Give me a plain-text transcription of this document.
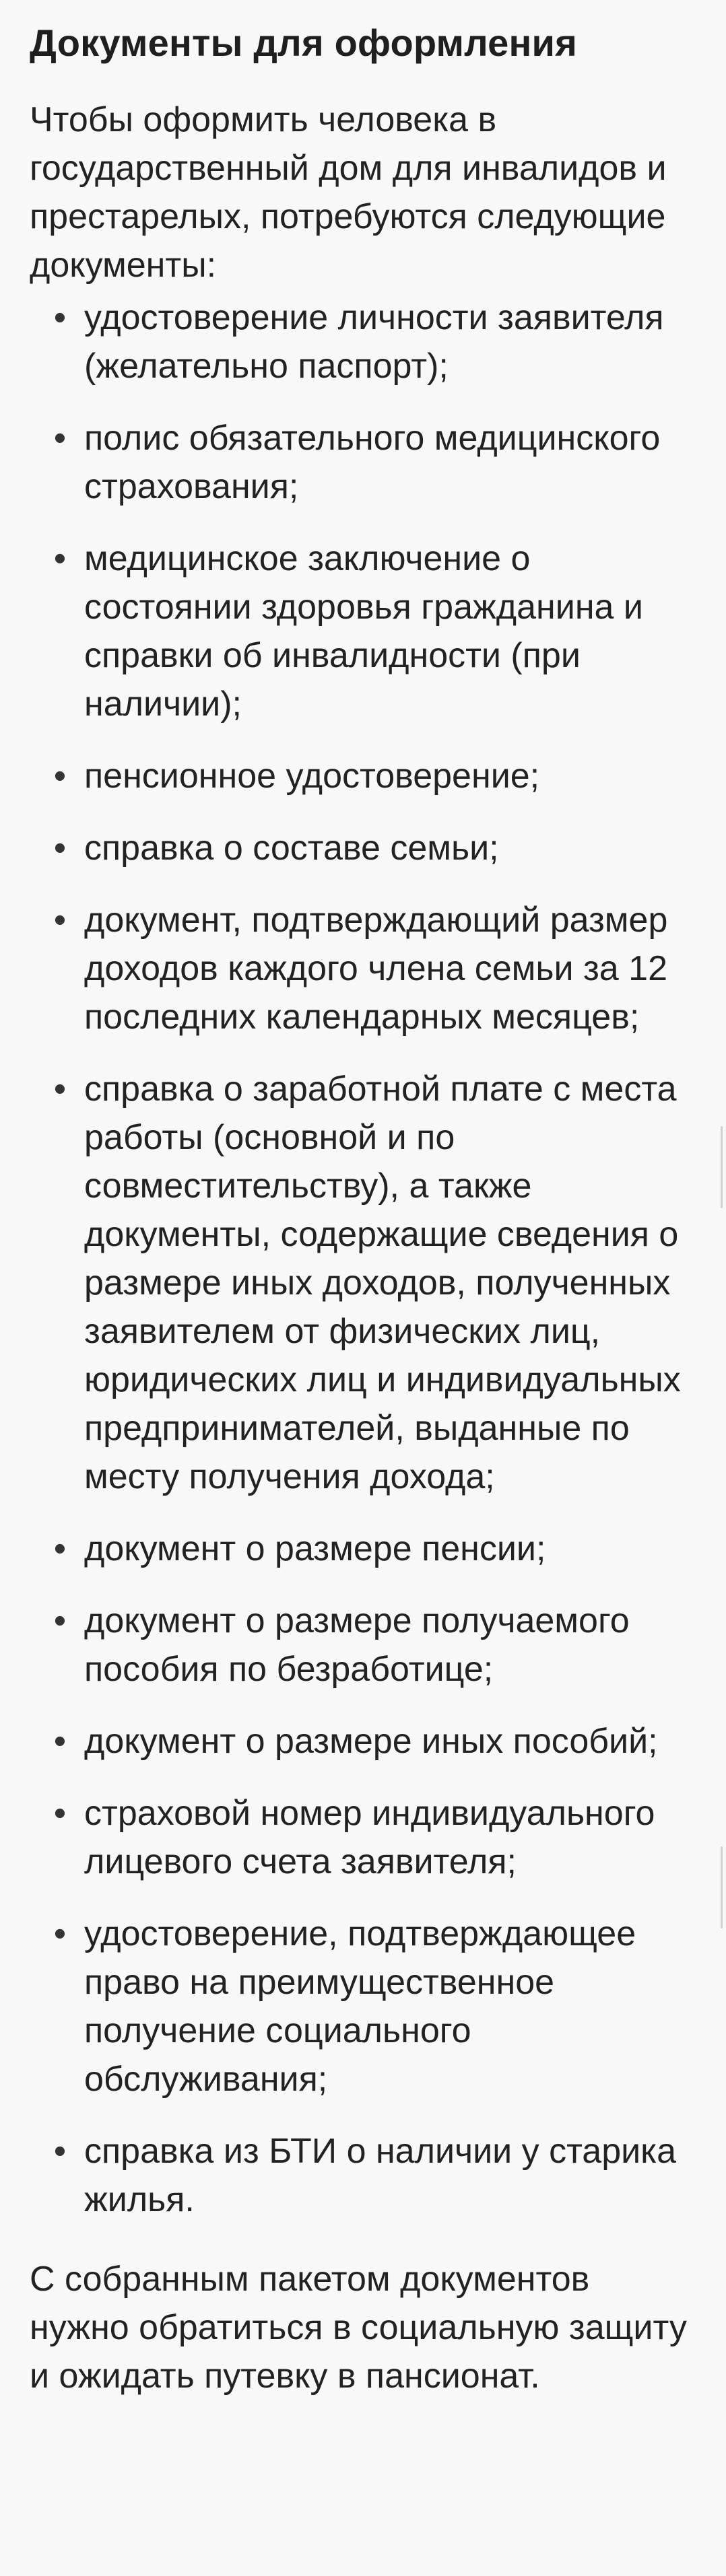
Документы для оформления

Чтобы оформить человека в государственный дом для инвалидов и престарелых, потребуются следующие документы:

• удостоверение личности заявителя (желательно паспорт);
• полис обязательного медицинского страхования;
• медицинское заключение о состоянии здоровья гражданина и справки об инвалидности (при наличии);
• пенсионное удостоверение;
• справка о составе семьи;
• документ, подтверждающий размер доходов каждого члена семьи за 12 последних календарных месяцев;
• справка о заработной плате с места работы (основной и по совместительству), а также документы, содержащие сведения о размере иных доходов, полученных заявителем от физических лиц, юридических лиц и индивидуальных предпринимателей, выданные по месту получения дохода;
• документ о размере пенсии;
• документ о размере получаемого пособия по безработице;
• документ о размере иных пособий;
• страховой номер индивидуального лицевого счета заявителя;
• удостоверение, подтверждающее право на преимущественное получение социального обслуживания;
• справка из БТИ о наличии у старика жилья.

С собранным пакетом документов нужно обратиться в социальную защиту и ожидать путевку в пансионат.
